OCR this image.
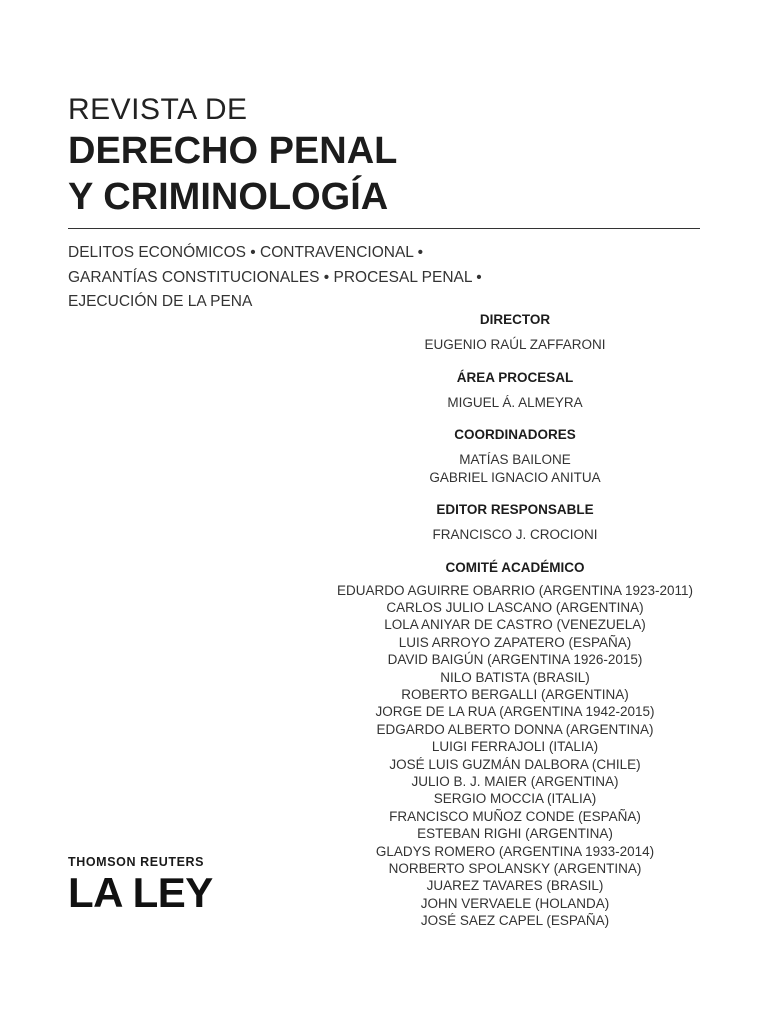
REVISTA DE
DERECHO PENAL
Y CRIMINOLOGÍA
DELITOS ECONÓMICOS • CONTRAVENCIONAL •
GARANTÍAS CONSTITUCIONALES • PROCESAL PENAL •
EJECUCIÓN DE LA PENA
DIRECTOR
EUGENIO RAÚL ZAFFARONI
ÁREA PROCESAL
MIGUEL Á. ALMEYRA
COORDINADORES
MATÍAS BAILONE
GABRIEL IGNACIO ANITUA
EDITOR RESPONSABLE
FRANCISCO J. CROCIONI
COMITÉ ACADÉMICO
EDUARDO AGUIRRE OBARRIO (ARGENTINA 1923-2011)
CARLOS JULIO LASCANO (ARGENTINA)
LOLA ANIYAR DE CASTRO (VENEZUELA)
LUIS ARROYO ZAPATERO (ESPAÑA)
DAVID BAIGÚN (ARGENTINA 1926-2015)
NILO BATISTA (BRASIL)
ROBERTO BERGALLI (ARGENTINA)
JORGE DE LA RUA (ARGENTINA 1942-2015)
EDGARDO ALBERTO DONNA (ARGENTINA)
LUIGI FERRAJOLI (ITALIA)
JOSÉ LUIS GUZMÁN DALBORA (CHILE)
JULIO B. J. MAIER (ARGENTINA)
SERGIO MOCCIA (ITALIA)
FRANCISCO MUÑOZ CONDE (ESPAÑA)
ESTEBAN RIGHI (ARGENTINA)
GLADYS ROMERO (ARGENTINA 1933-2014)
NORBERTO SPOLANSKY (ARGENTINA)
JUAREZ TAVARES (BRASIL)
JOHN VERVAELE (HOLANDA)
JOSÉ SAEZ CAPEL (ESPAÑA)
THOMSON REUTERS
LA LEY
